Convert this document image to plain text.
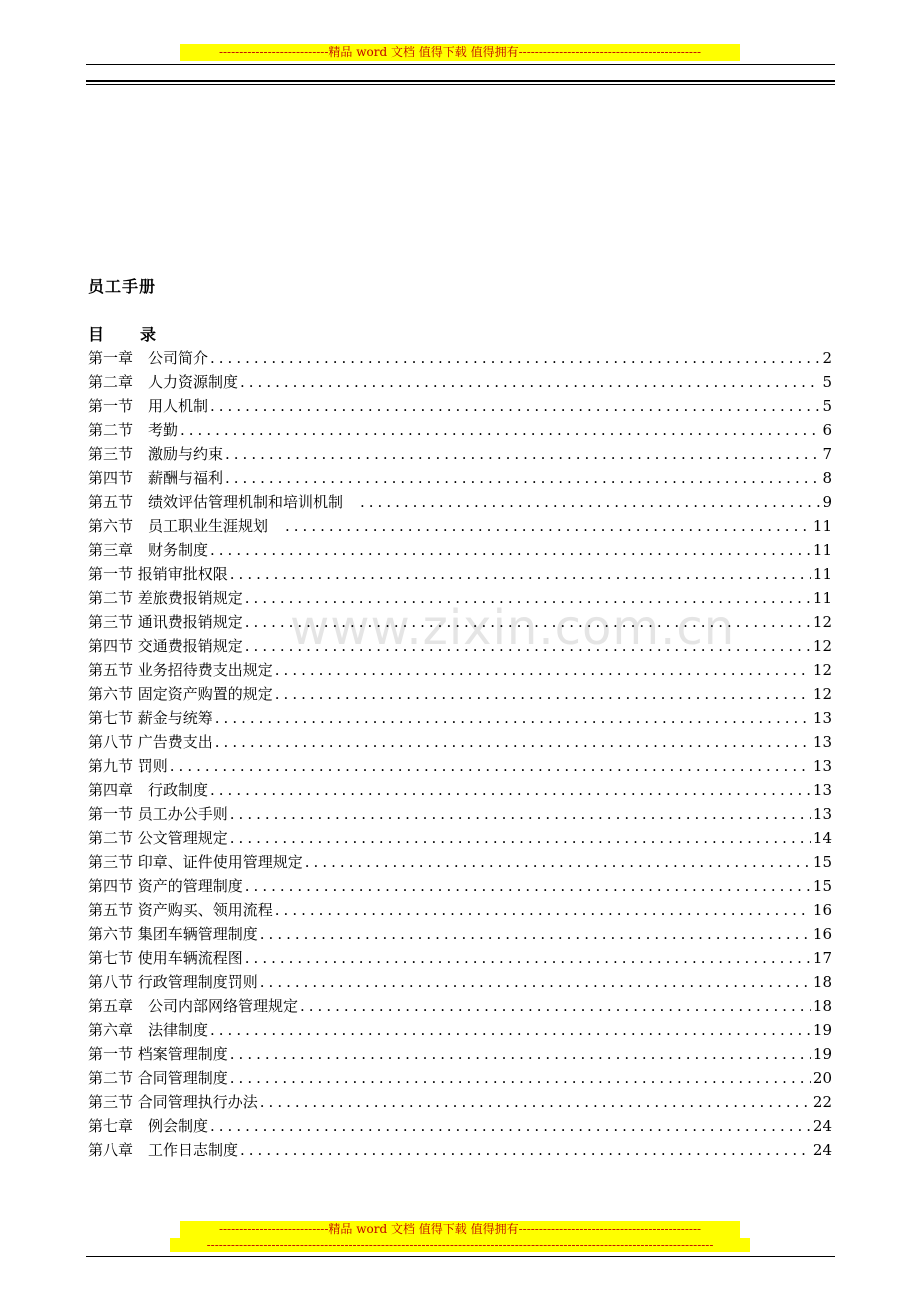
---------------------------精品 word 文档 值得下载 值得拥有---------------------------------------------
www.zixin.com.cn
员工手册
目 录
第一章　公司简介 .....	2
第二章　人力资源制度 .....	5
第一节　用人机制 .....	5
第二节　考勤 .....	6
第三节　激励与约束 .....	7
第四节　薪酬与福利 .....	8
第五节　绩效评估管理机制和培训机制　 .....	9
第六节　员工职业生涯规划　 .....	11
第三章　财务制度 .....	11
第一节 报销审批权限 .....	11
第二节 差旅费报销规定 .....	11
第三节 通讯费报销规定 .....	12
第四节 交通费报销规定 .....	12
第五节 业务招待费支出规定 .....	12
第六节 固定资产购置的规定 .....	12
第七节 薪金与统筹 .....	13
第八节 广告费支出 .....	13
第九节 罚则 .....	13
第四章　行政制度 .....	13
第一节 员工办公手则 .....	13
第二节 公文管理规定 .....	14
第三节 印章、证件使用管理规定 .....	15
第四节 资产的管理制度 .....	15
第五节 资产购买、领用流程 .....	16
第六节 集团车辆管理制度 .....	16
第七节 使用车辆流程图 .....	17
第八节 行政管理制度罚则 .....	18
第五章　公司内部网络管理规定 .....	18
第六章　法律制度 .....	19
第一节 档案管理制度 .....	19
第二节 合同管理制度 .....	20
第三节 合同管理执行办法 .....	22
第七章　例会制度 .....	24
第八章　工作日志制度 .....	24
---------------------------精品 word 文档 值得下载 值得拥有---------------------------------------------
-----------------------------------------------------------------------------------------------------------------------------
